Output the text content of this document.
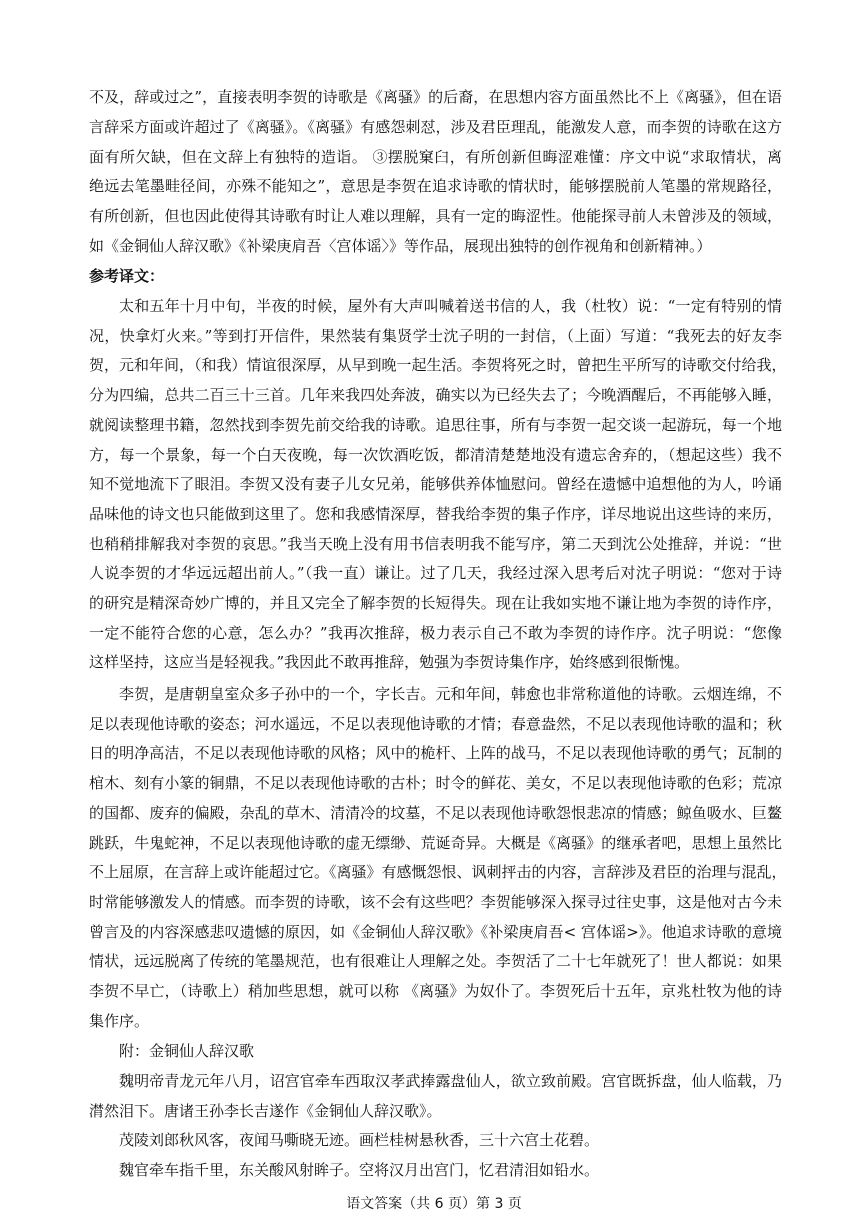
不及，辞或过之”，直接表明李贺的诗歌是《离骚》的后裔，在思想内容方面虽然比不上《离骚》，但在语
言辞采方面或许超过了《离骚》。《离骚》有感怨刺怼，涉及君臣理乱，能激发人意，而李贺的诗歌在这方
面有所欠缺，但在文辞上有独特的造诣。 ③摆脱窠臼，有所创新但晦涩难懂：序文中说“求取情状，离
绝远去笔墨畦径间，亦殊不能知之”，意思是李贺在追求诗歌的情状时，能够摆脱前人笔墨的常规路径，
有所创新，但也因此使得其诗歌有时让人难以理解，具有一定的晦涩性。他能探寻前人未曾涉及的领域，
如《金铜仙人辞汉歌》《补梁庚肩吾〈宫体谣〉》等作品，展现出独特的创作视角和创新精神。）
参考译文：
太和五年十月中旬，半夜的时候，屋外有大声叫喊着送书信的人，我（杜牧）说：“一定有特别的情
况，快拿灯火来。”等到打开信件，果然装有集贤学士沈子明的一封信，（上面）写道：“我死去的好友李
贺，元和年间，（和我）情谊很深厚，从早到晚一起生活。李贺将死之时，曾把生平所写的诗歌交付给我，
分为四编，总共二百三十三首。几年来我四处奔波，确实以为已经失去了；今晚酒醒后，不再能够入睡，
就阅读整理书籍，忽然找到李贺先前交给我的诗歌。追思往事，所有与李贺一起交谈一起游玩，每一个地
方，每一个景象，每一个白天夜晚，每一次饮酒吃饭，都清清楚楚地没有遗忘舍弃的，（想起这些）我不
知不觉地流下了眼泪。李贺又没有妻子儿女兄弟，能够供养体恤慰问。曾经在遗憾中追想他的为人，吟诵
品味他的诗文也只能做到这里了。您和我感情深厚，替我给李贺的集子作序，详尽地说出这些诗的来历，
也稍稍排解我对李贺的哀思。”我当天晚上没有用书信表明我不能写序，第二天到沈公处推辞，并说：“世
人说李贺的才华远远超出前人。”（我一直）谦让。过了几天，我经过深入思考后对沈子明说：“您对于诗
的研究是精深奇妙广博的，并且又完全了解李贺的长短得失。现在让我如实地不谦让地为李贺的诗作序，
一定不能符合您的心意，怎么办？”我再次推辞，极力表示自己不敢为李贺的诗作序。沈子明说：“您像
这样坚持，这应当是轻视我。”我因此不敢再推辞，勉强为李贺诗集作序，始终感到很惭愧。
李贺，是唐朝皇室众多子孙中的一个，字长吉。元和年间，韩愈也非常称道他的诗歌。云烟连绵，不
足以表现他诗歌的姿态；河水遥远，不足以表现他诗歌的才情；春意盎然，不足以表现他诗歌的温和；秋
日的明净高洁，不足以表现他诗歌的风格；风中的桅杆、上阵的战马，不足以表现他诗歌的勇气；瓦制的
棺木、刻有小篆的铜鼎，不足以表现他诗歌的古朴；时令的鲜花、美女，不足以表现他诗歌的色彩；荒凉
的国都、废弃的偏殿，杂乱的草木、清清冷的坟墓，不足以表现他诗歌怨恨悲凉的情感；鲸鱼吸水、巨鳌
跳跃，牛鬼蛇神，不足以表现他诗歌的虚无缥缈、荒诞奇异。大概是《离骚》的继承者吧，思想上虽然比
不上屈原，在言辞上或许能超过它。《离骚》有感慨怨恨、讽刺抨击的内容，言辞涉及君臣的治理与混乱，
时常能够激发人的情感。而李贺的诗歌，该不会有这些吧？李贺能够深入探寻过往史事，这是他对古今未
曾言及的内容深感悲叹遗憾的原因，如《金铜仙人辞汉歌》《补梁庚肩吾< 宫体谣>》。他追求诗歌的意境
情状，远远脱离了传统的笔墨规范，也有很难让人理解之处。李贺活了二十七年就死了！世人都说：如果
李贺不早亡，（诗歌上）稍加些思想，就可以称 《离骚》为奴仆了。李贺死后十五年，京兆杜牧为他的诗
集作序。
附：金铜仙人辞汉歌
魏明帝青龙元年八月，诏宫官牵车西取汉孝武捧露盘仙人，欲立致前殿。宫官既拆盘，仙人临载，乃
潸然泪下。唐诸王孙李长吉遂作《金铜仙人辞汉歌》。
茂陵刘郎秋风客，夜闻马嘶晓无迹。画栏桂树悬秋香，三十六宫土花碧。
魏官牵车指千里，东关酸风射眸子。空将汉月出宫门，忆君清泪如铅水。
语文答案（共 6 页）第 3 页
